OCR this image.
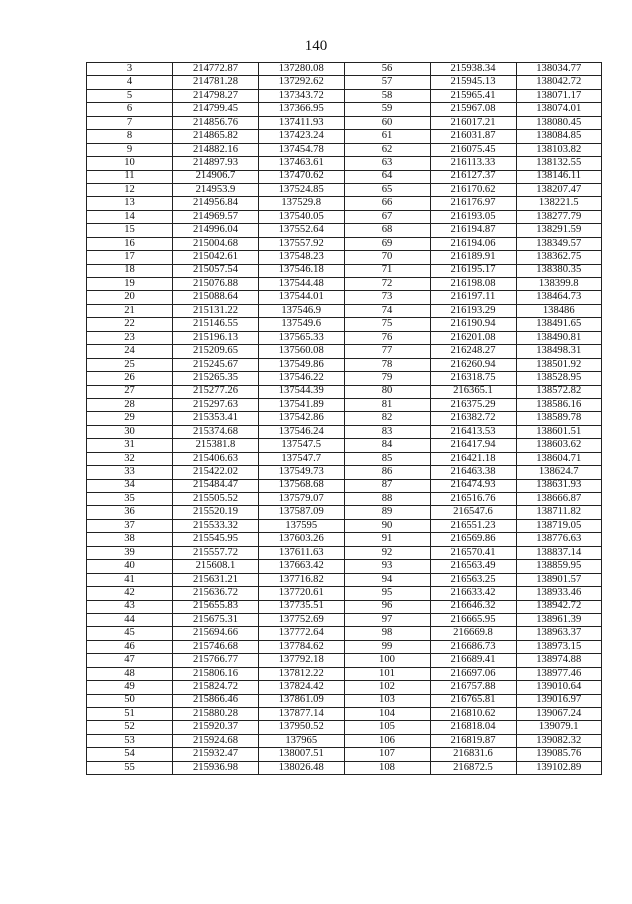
140
3	214772.87	137280.08	56	215938.34	138034.77
4	214781.28	137292.62	57	215945.13	138042.72
5	214798.27	137343.72	58	215965.41	138071.17
6	214799.45	137366.95	59	215967.08	138074.01
7	214856.76	137411.93	60	216017.21	138080.45
8	214865.82	137423.24	61	216031.87	138084.85
9	214882.16	137454.78	62	216075.45	138103.82
10	214897.93	137463.61	63	216113.33	138132.55
11	214906.7	137470.62	64	216127.37	138146.11
12	214953.9	137524.85	65	216170.62	138207.47
13	214956.84	137529.8	66	216176.97	138221.5
14	214969.57	137540.05	67	216193.05	138277.79
15	214996.04	137552.64	68	216194.87	138291.59
16	215004.68	137557.92	69	216194.06	138349.57
17	215042.61	137548.23	70	216189.91	138362.75
18	215057.54	137546.18	71	216195.17	138380.35
19	215076.88	137544.48	72	216198.08	138399.8
20	215088.64	137544.01	73	216197.11	138464.73
21	215131.22	137546.9	74	216193.29	138486
22	215146.55	137549.6	75	216190.94	138491.65
23	215196.13	137565.33	76	216201.08	138490.81
24	215209.65	137560.08	77	216248.27	138498.31
25	215245.67	137549.86	78	216260.94	138501.92
26	215265.35	137546.22	79	216318.75	138528.95
27	215277.26	137544.39	80	216365.1	138572.82
28	215297.63	137541.89	81	216375.29	138586.16
29	215353.41	137542.86	82	216382.72	138589.78
30	215374.68	137546.24	83	216413.53	138601.51
31	215381.8	137547.5	84	216417.94	138603.62
32	215406.63	137547.7	85	216421.18	138604.71
33	215422.02	137549.73	86	216463.38	138624.7
34	215484.47	137568.68	87	216474.93	138631.93
35	215505.52	137579.07	88	216516.76	138666.87
36	215520.19	137587.09	89	216547.6	138711.82
37	215533.32	137595	90	216551.23	138719.05
38	215545.95	137603.26	91	216569.86	138776.63
39	215557.72	137611.63	92	216570.41	138837.14
40	215608.1	137663.42	93	216563.49	138859.95
41	215631.21	137716.82	94	216563.25	138901.57
42	215636.72	137720.61	95	216633.42	138933.46
43	215655.83	137735.51	96	216646.32	138942.72
44	215675.31	137752.69	97	216665.95	138961.39
45	215694.66	137772.64	98	216669.8	138963.37
46	215746.68	137784.62	99	216686.73	138973.15
47	215766.77	137792.18	100	216689.41	138974.88
48	215806.16	137812.22	101	216697.06	138977.46
49	215824.72	137824.42	102	216757.88	139010.64
50	215866.46	137861.09	103	216765.81	139016.97
51	215880.28	137877.14	104	216810.62	139067.24
52	215920.37	137950.52	105	216818.04	139079.1
53	215924.68	137965	106	216819.87	139082.32
54	215932.47	138007.51	107	216831.6	139085.76
55	215936.98	138026.48	108	216872.5	139102.89
